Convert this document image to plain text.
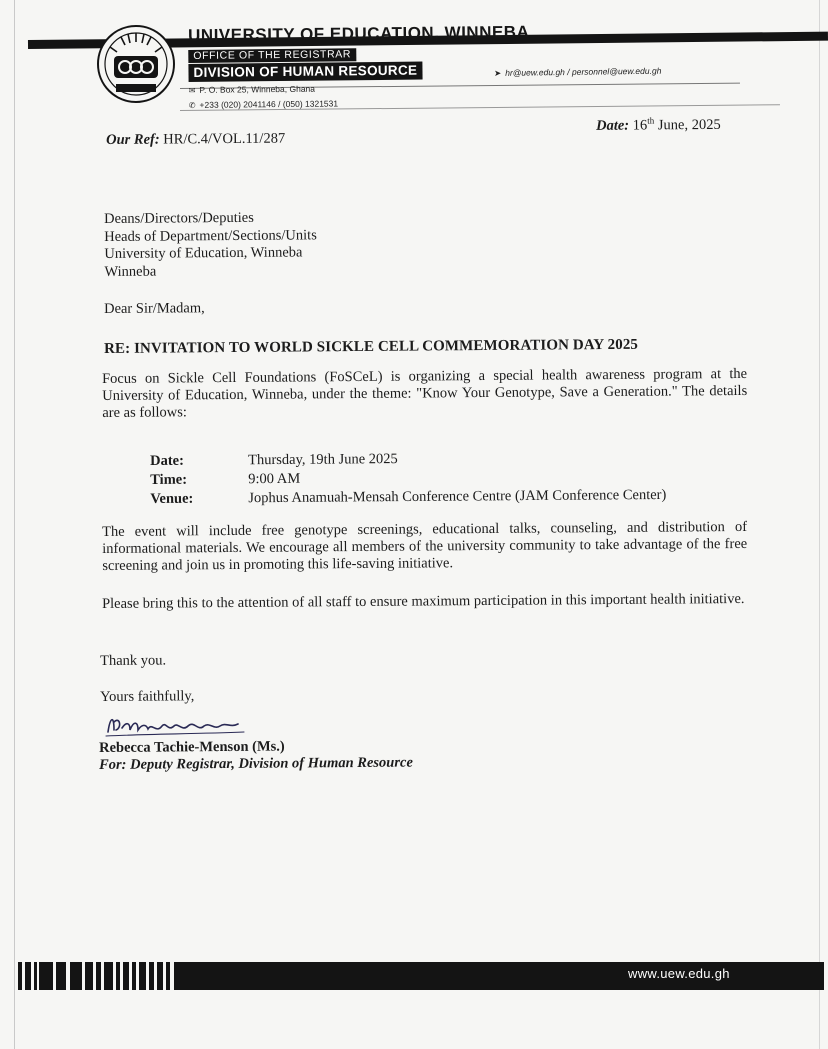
UNIVERSITY OF EDUCATION, WINNEBA
OFFICE OF THE REGISTRAR
DIVISION OF HUMAN RESOURCE
✉ P. O. Box 25, Winneba, Ghana
✆ +233 (020) 2041146 / (050) 1321531
➤ hr@uew.edu.gh / personnel@uew.edu.gh
Our Ref: HR/C.4/VOL.11/287
Date: 16th June, 2025
Deans/Directors/Deputies
Heads of Department/Sections/Units
University of Education, Winneba
Winneba
Dear Sir/Madam,
RE: INVITATION TO WORLD SICKLE CELL COMMEMORATION DAY 2025
Focus on Sickle Cell Foundations (FoSCeL) is organizing a special health awareness program at the University of Education, Winneba, under the theme: "Know Your Genotype, Save a Generation." The details are as follows:
Date:	Thursday, 19th June 2025
Time:	9:00 AM
Venue:	Jophus Anamuah-Mensah Conference Centre (JAM Conference Center)
The event will include free genotype screenings, educational talks, counseling, and distribution of informational materials. We encourage all members of the university community to take advantage of the free screening and join us in promoting this life-saving initiative.
Please bring this to the attention of all staff to ensure maximum participation in this important health initiative.
Thank you.
Yours faithfully,
Rebecca Tachie-Menson (Ms.)
For: Deputy Registrar, Division of Human Resource
www.uew.edu.gh
